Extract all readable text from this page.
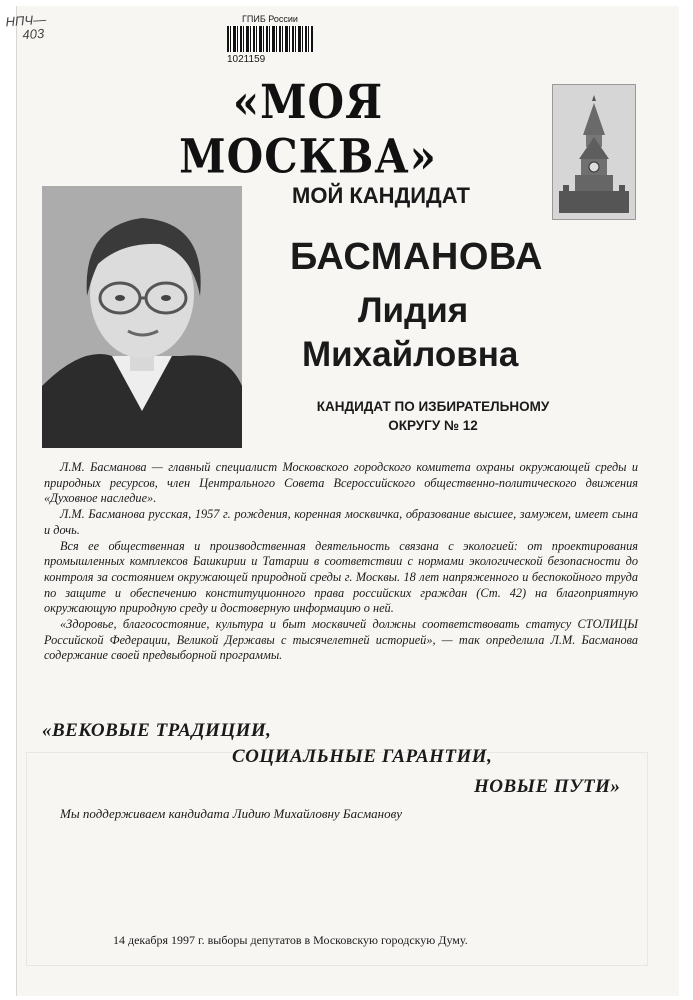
НПЧ—
403
ГПИБ России
1021159
«МОЯ МОСКВА»
МОЙ КАНДИДАТ
БАСМАНОВА
Лидия
Михайловна
КАНДИДАТ ПО ИЗБИРАТЕЛЬНОМУ
ОКРУГУ № 12

Л.М. Басманова — главный специалист Московского городского комитета охраны окружающей среды и природных ресурсов, член Центрального Совета Всероссийского общественно-политического движения «Духовное наследие».

Л.М. Басманова русская, 1957 г. рождения, коренная москвичка, образование высшее, замужем, имеет сына и дочь.

Вся ее общественная и производственная деятельность связана с экологией: от проектирования промышленных комплексов Башкирии и Татарии в соответствии с нормами экологической безопасности до контроля за состоянием окружающей природной среды г. Москвы. 18 лет напряженного и беспокойного труда по защите и обеспечению конституционного права российских граждан (Ст. 42) на благоприятную окружающую природную среду и достоверную информацию о ней.

«Здоровье, благосостояние, культура и быт москвичей должны соответствовать статусу СТОЛИЦЫ Российской Федерации, Великой Державы с тысячелетней историей», — так определила Л.М. Басманова содержание своей предвыборной программы.

«ВЕКОВЫЕ ТРАДИЦИИ,
СОЦИАЛЬНЫЕ ГАРАНТИИ,
НОВЫЕ ПУТИ»
Мы поддерживаем кандидата Лидию Михайловну Басманову
14 декабря 1997 г. выборы депутатов в Московскую городскую Думу.
